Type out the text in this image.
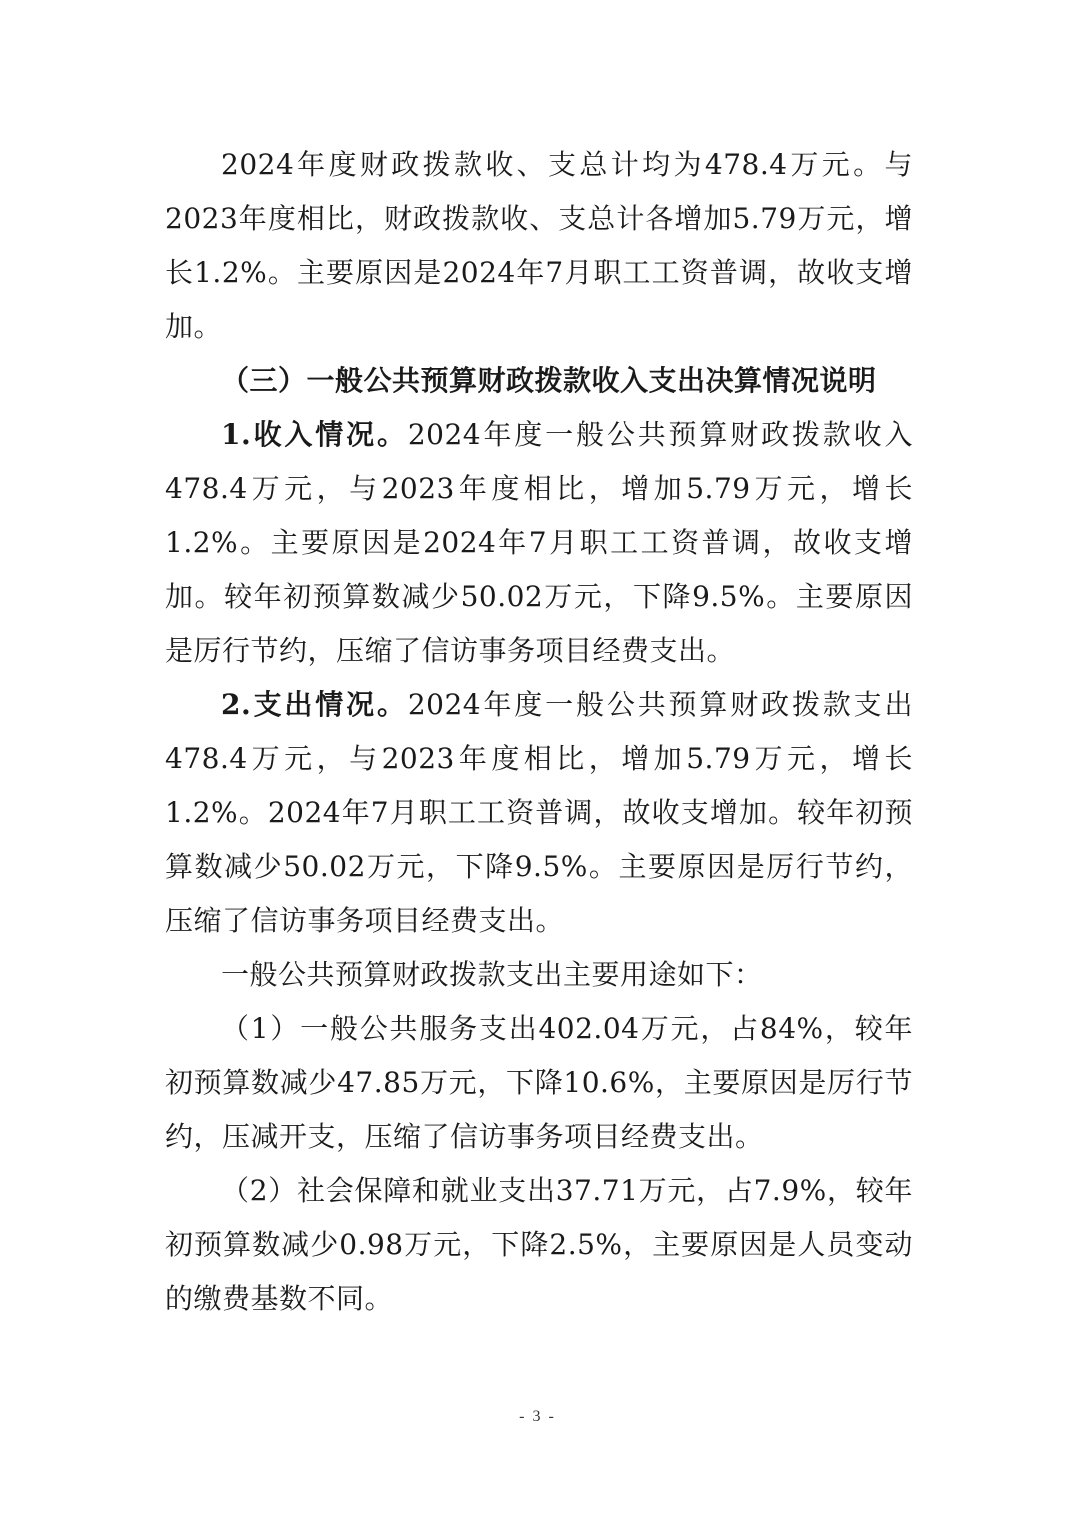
2024年度财政拨款收、支总计均为478.4万元。与2023年度相比，财政拨款收、支总计各增加5.79万元，增长1.2%。主要原因是2024年7月职工工资普调，故收支增加。

（三）一般公共预算财政拨款收入支出决算情况说明

1.收入情况。2024年度一般公共预算财政拨款收入478.4万元，与2023年度相比，增加5.79万元，增长1.2%。主要原因是2024年7月职工工资普调，故收支增加。较年初预算数减少50.02万元，下降9.5%。主要原因是厉行节约，压缩了信访事务项目经费支出。

2.支出情况。2024年度一般公共预算财政拨款支出478.4万元，与2023年度相比，增加5.79万元，增长1.2%。2024年7月职工工资普调，故收支增加。较年初预算数减少50.02万元，下降9.5%。主要原因是厉行节约，压缩了信访事务项目经费支出。

一般公共预算财政拨款支出主要用途如下：

（1）一般公共服务支出402.04万元，占84%，较年初预算数减少47.85万元，下降10.6%，主要原因是厉行节约，压减开支，压缩了信访事务项目经费支出。

（2）社会保障和就业支出37.71万元，占7.9%，较年初预算数减少0.98万元，下降2.5%，主要原因是人员变动的缴费基数不同。

- 3 -
